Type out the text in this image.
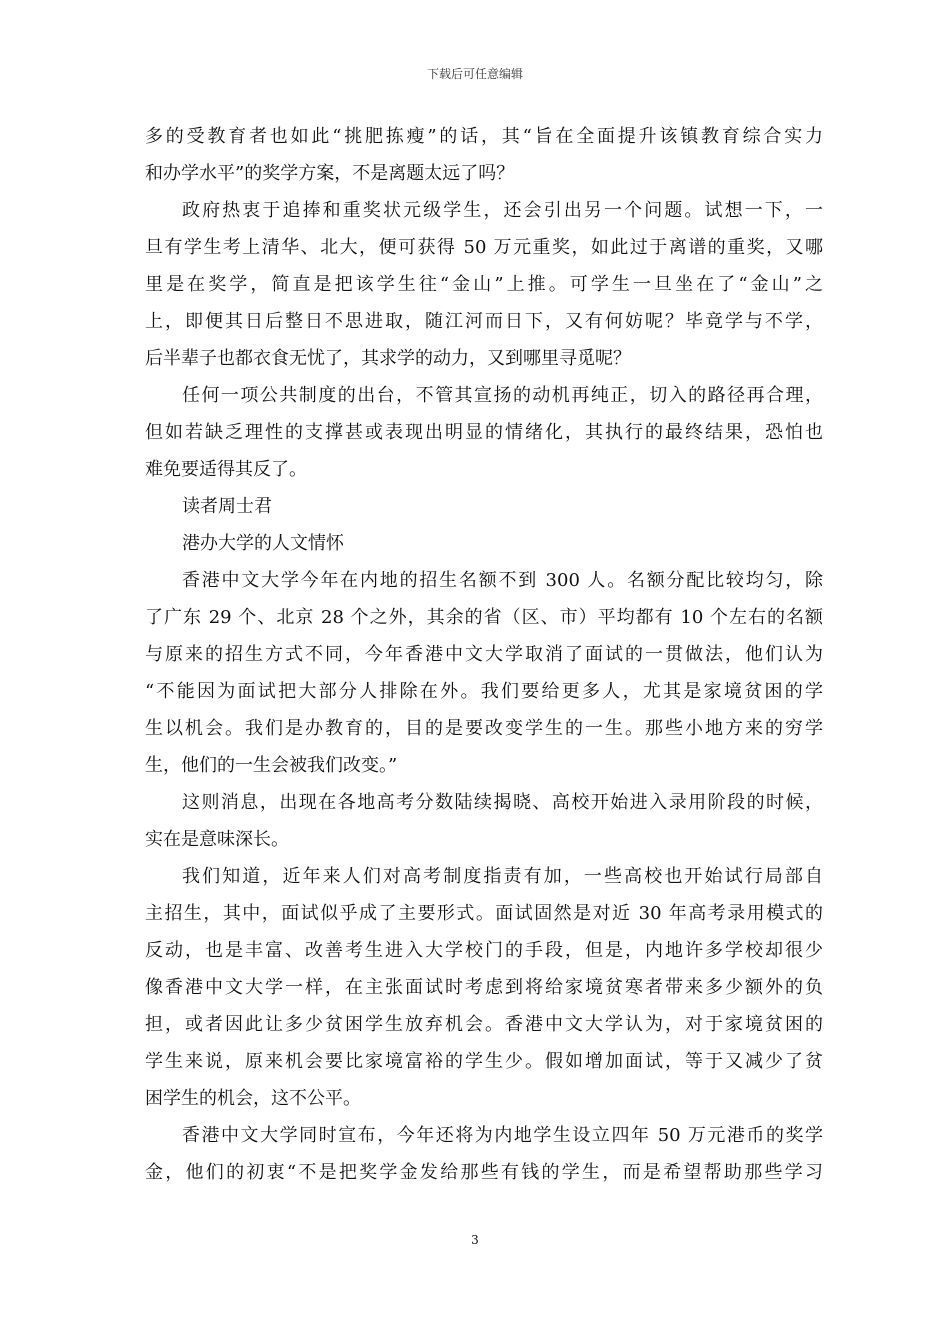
下载后可任意编辑
多的受教育者也如此“挑肥拣瘦”的话，其“旨在全面提升该镇教育综合实力
和办学水平”的奖学方案，不是离题太远了吗？
政府热衷于追捧和重奖状元级学生，还会引出另一个问题。试想一下，一
旦有学生考上清华、北大，便可获得 50 万元重奖，如此过于离谱的重奖，又哪
里是在奖学，简直是把该学生往“金山”上推。可学生一旦坐在了“金山”之
上，即便其日后整日不思进取，随江河而日下，又有何妨呢？毕竟学与不学，
后半辈子也都衣食无忧了，其求学的动力，又到哪里寻觅呢？
任何一项公共制度的出台，不管其宣扬的动机再纯正，切入的路径再合理，
但如若缺乏理性的支撑甚或表现出明显的情绪化，其执行的最终结果，恐怕也
难免要适得其反了。
读者周士君
港办大学的人文情怀
香港中文大学今年在内地的招生名额不到 300 人。名额分配比较均匀，除
了广东 29 个、北京 28 个之外，其余的省（区、市）平均都有 10 个左右的名额
与原来的招生方式不同，今年香港中文大学取消了面试的一贯做法，他们认为
“不能因为面试把大部分人排除在外。我们要给更多人，尤其是家境贫困的学
生以机会。我们是办教育的，目的是要改变学生的一生。那些小地方来的穷学
生，他们的一生会被我们改变。”
这则消息，出现在各地高考分数陆续揭晓、高校开始进入录用阶段的时候，
实在是意味深长。
我们知道，近年来人们对高考制度指责有加，一些高校也开始试行局部自
主招生，其中，面试似乎成了主要形式。面试固然是对近 30 年高考录用模式的
反动，也是丰富、改善考生进入大学校门的手段，但是，内地许多学校却很少
像香港中文大学一样，在主张面试时考虑到将给家境贫寒者带来多少额外的负
担，或者因此让多少贫困学生放弃机会。香港中文大学认为，对于家境贫困的
学生来说，原来机会要比家境富裕的学生少。假如增加面试，等于又减少了贫
困学生的机会，这不公平。
香港中文大学同时宣布，今年还将为内地学生设立四年 50 万元港币的奖学
金，他们的初衷“不是把奖学金发给那些有钱的学生，而是希望帮助那些学习
3
